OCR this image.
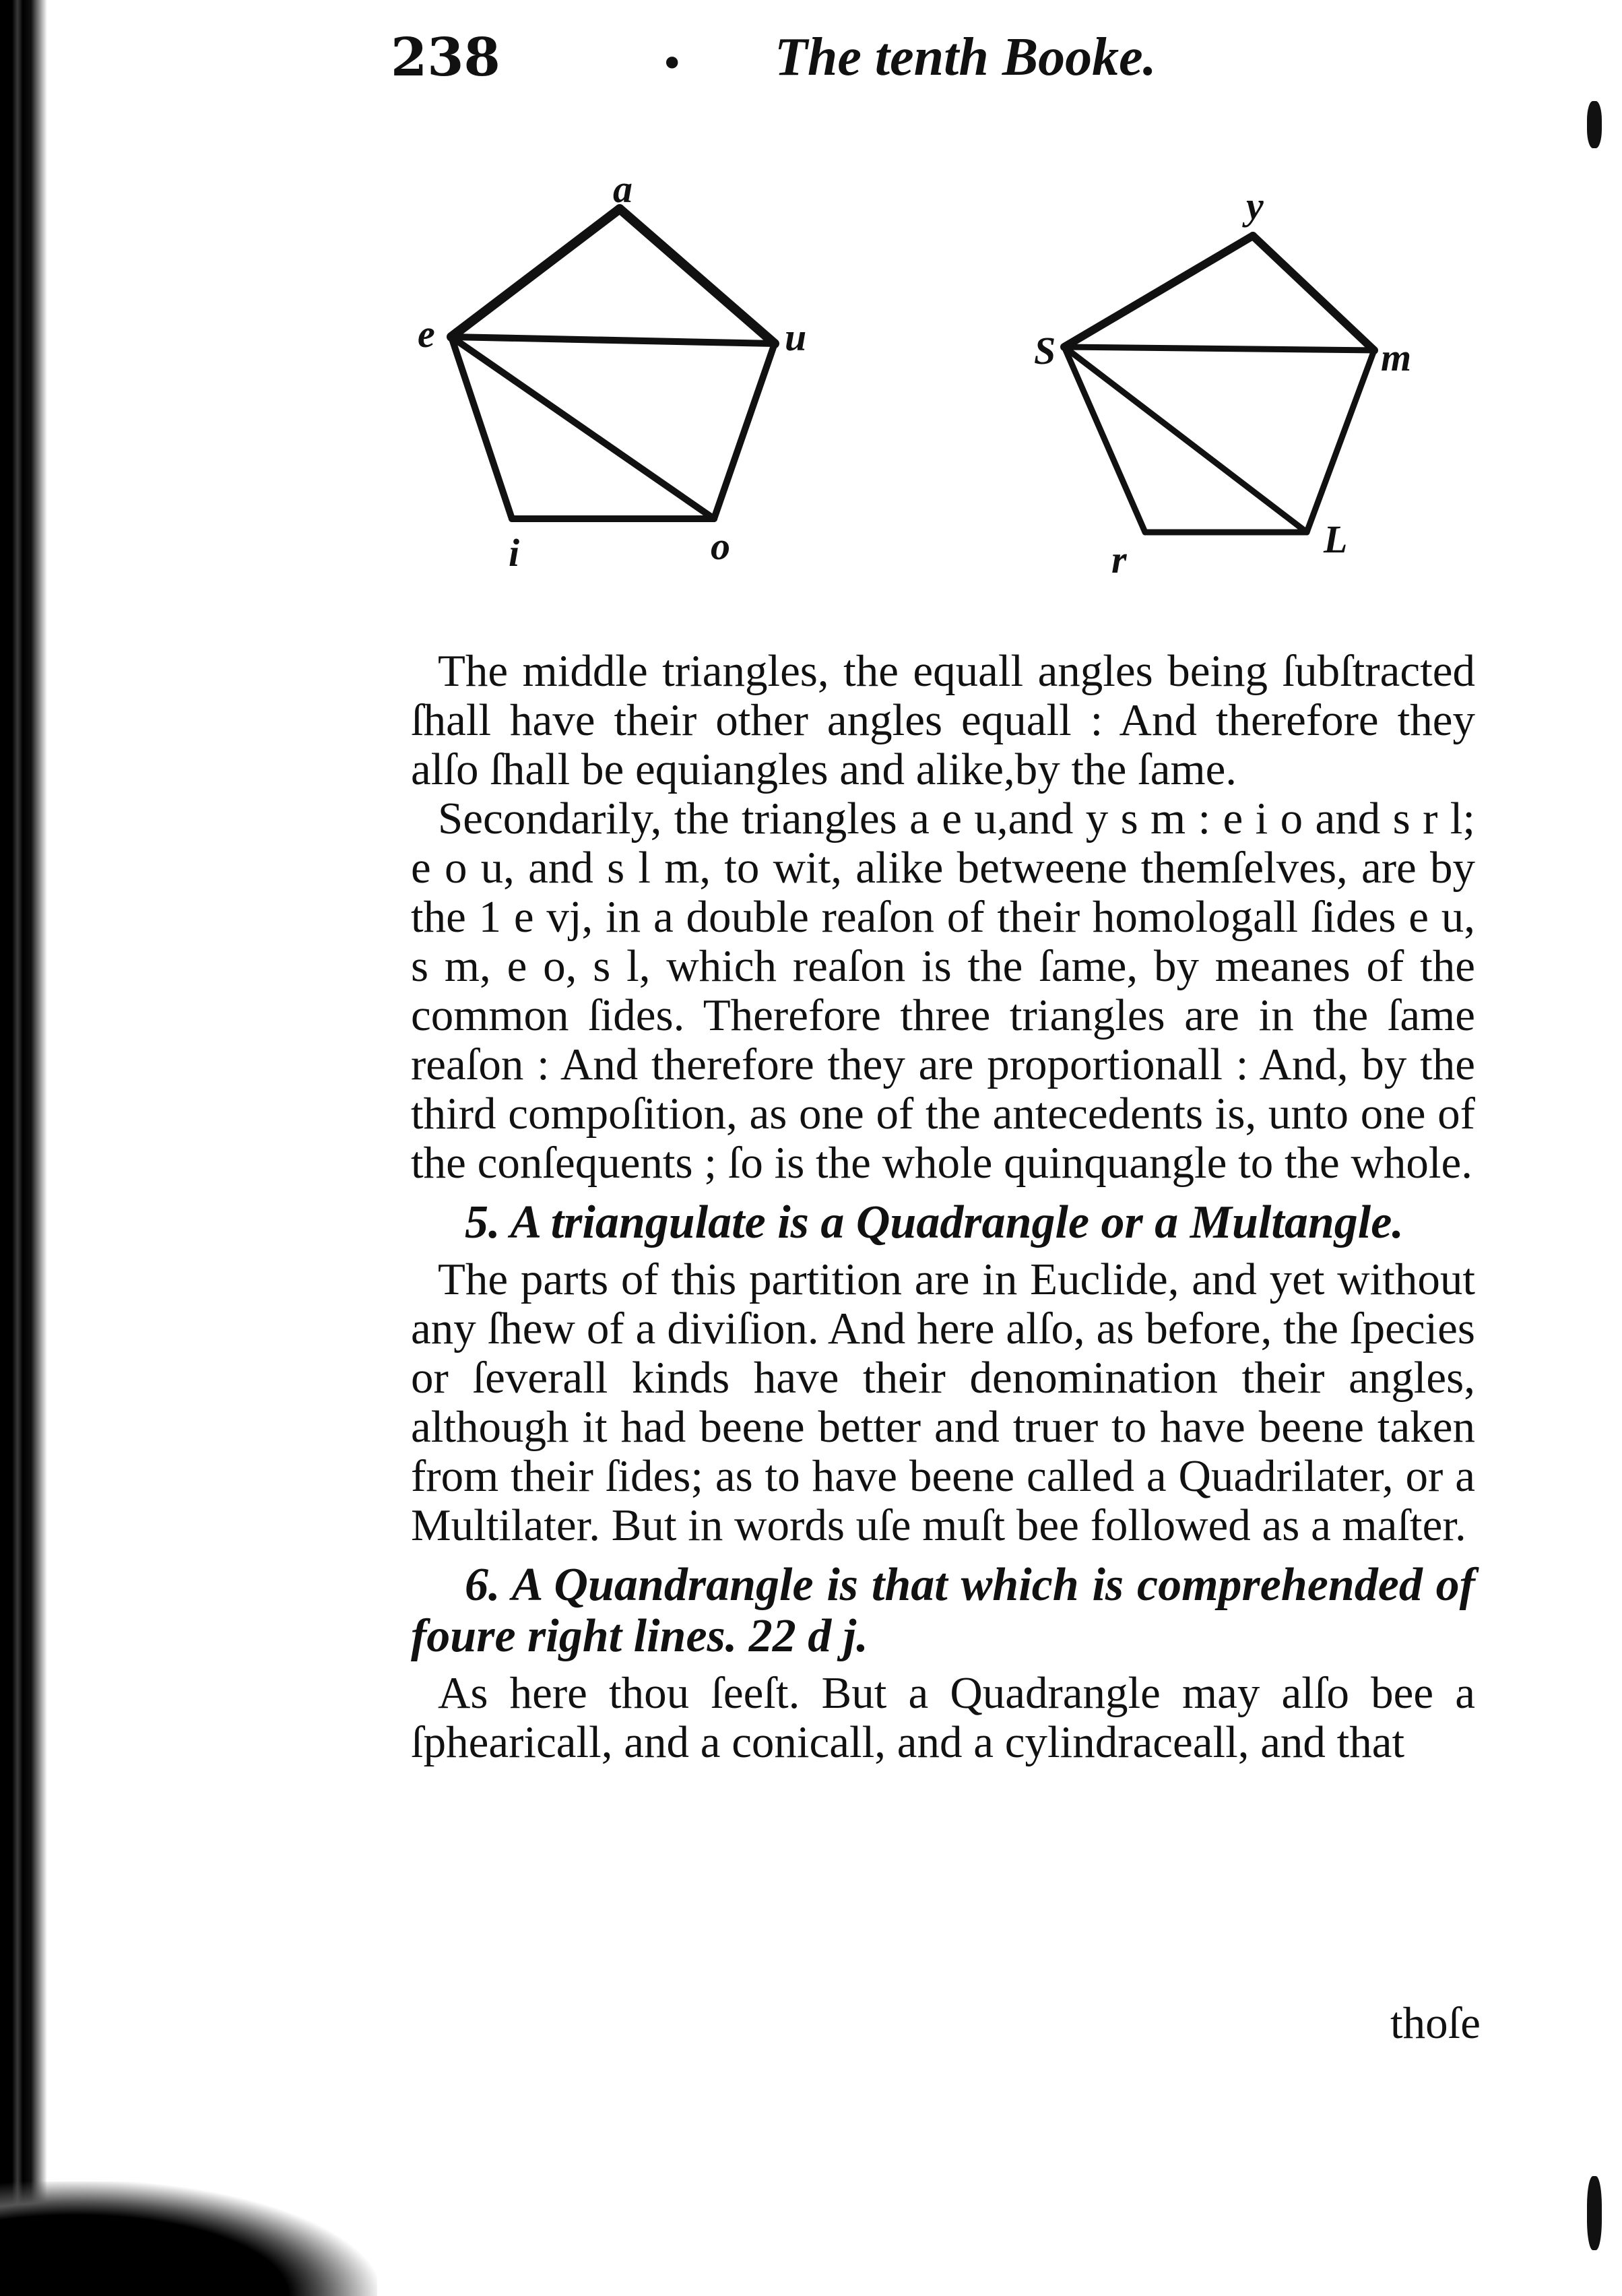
238	• The tenth Booke.
a
e	u
i	o
y
S	m
r	L

The middle triangles, the equall angles being ſubſtracted ſhall have their other angles equall : And therefore they alſo ſhall be equiangles and alike,by the ſame.

Secondarily, the triangles a e u,and y s m : e i o and s r l; e o u, and s l m, to wit, alike betweene themſelves, are by the 1 e vj, in a double reaſon of their homologall ſides e u, s m, e o, s l, which reaſon is the ſame, by meanes of the common ſides. Therefore three triangles are in the ſame reaſon : And therefore they are proportionall : And, by the third compoſition, as one of the antecedents is, unto one of the conſequents ; ſo is the whole quinquangle to the whole.

5. A triangulate is a Quadrangle or a Multangle.

The parts of this partition are in Euclide, and yet without any ſhew of a diviſion. And here alſo, as before, the ſpecies or ſeverall kinds have their denomination their angles, although it had beene better and truer to have beene taken from their ſides; as to have beene called a Quadrilater, or a Multilater. But in words uſe muſt bee followed as a maſter.

6. A Quandrangle is that which is comprehended of foure right lines. 22 d j.

As here thou ſeeſt. But a Quadrangle may alſo bee a ſphearicall, and a conicall, and a cylindraceall, and that

thoſe
